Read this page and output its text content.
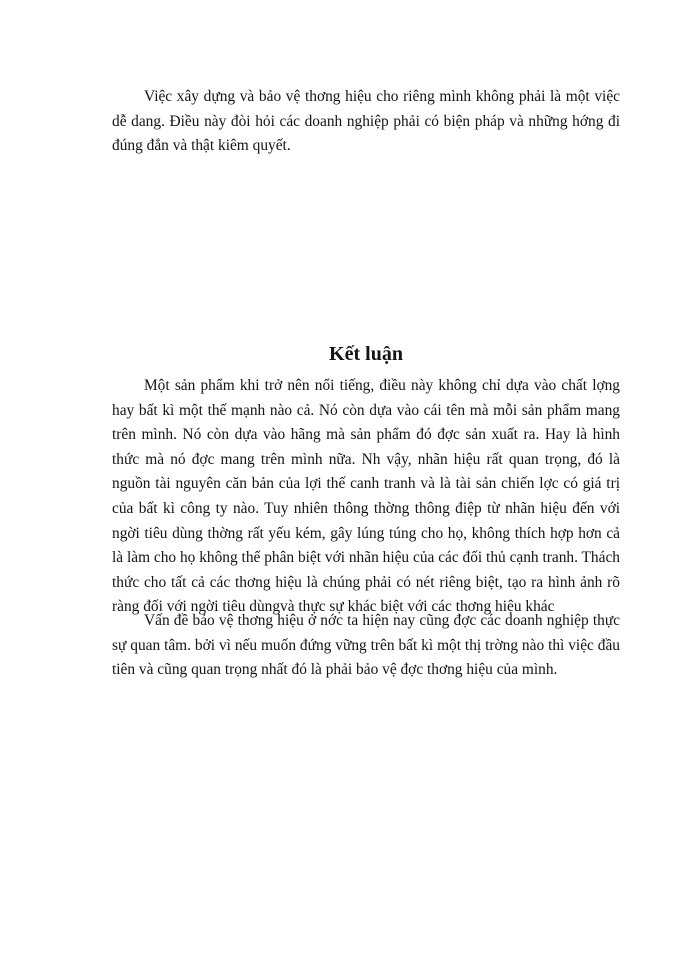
Việc xây dựng và bảo vệ thơng hiệu cho riêng mình không phải là một việc dễ dang. Điều này đòi hỏi các doanh nghiệp phải có biện pháp và những hớng đi đúng đắn và thật kiêm quyết.

Kết luận

Một sản phẩm khi trở nên nổi tiếng, điều này không chỉ dựa vào chất lợng hay bất kì một thế mạnh nào cả. Nó còn dựa vào cái tên mà mỗi sản phẩm mang trên mình. Nó còn dựa vào hãng mà sản phẩm đó đợc sản xuất ra. Hay là hình thức mà nó đợc mang trên mình nữa. Nh vậy, nhãn hiệu rất quan trọng, đó là nguồn tài nguyên căn bản của lợi thế canh tranh và là tài sản chiến lợc có giá trị của bất kì công ty nào. Tuy nhiên thông thờng thông điệp từ nhãn hiệu đến với ngời tiêu dùng thờng rất yếu kém, gây lúng túng cho họ, không thích hợp hơn cả là làm cho họ không thể phân biệt với nhãn hiệu của các đối thủ cạnh tranh. Thách thức cho tất cả các thơng hiệu là chúng phải có nét riêng biệt, tạo ra hình ảnh rõ ràng đối với ngời tiêu dùngvà thực sự khác biệt với các thơng hiệu khác

Vấn đề bảo vệ thơng hiệu ở nớc ta hiện nay cũng đợc các doanh nghiệp thực sự quan tâm. bởi vì nếu muốn đứng vững trên bất kì một thị trờng nào thì việc đầu tiên và cũng quan trọng nhất đó là phải bảo vệ đợc thơng hiệu của mình.
